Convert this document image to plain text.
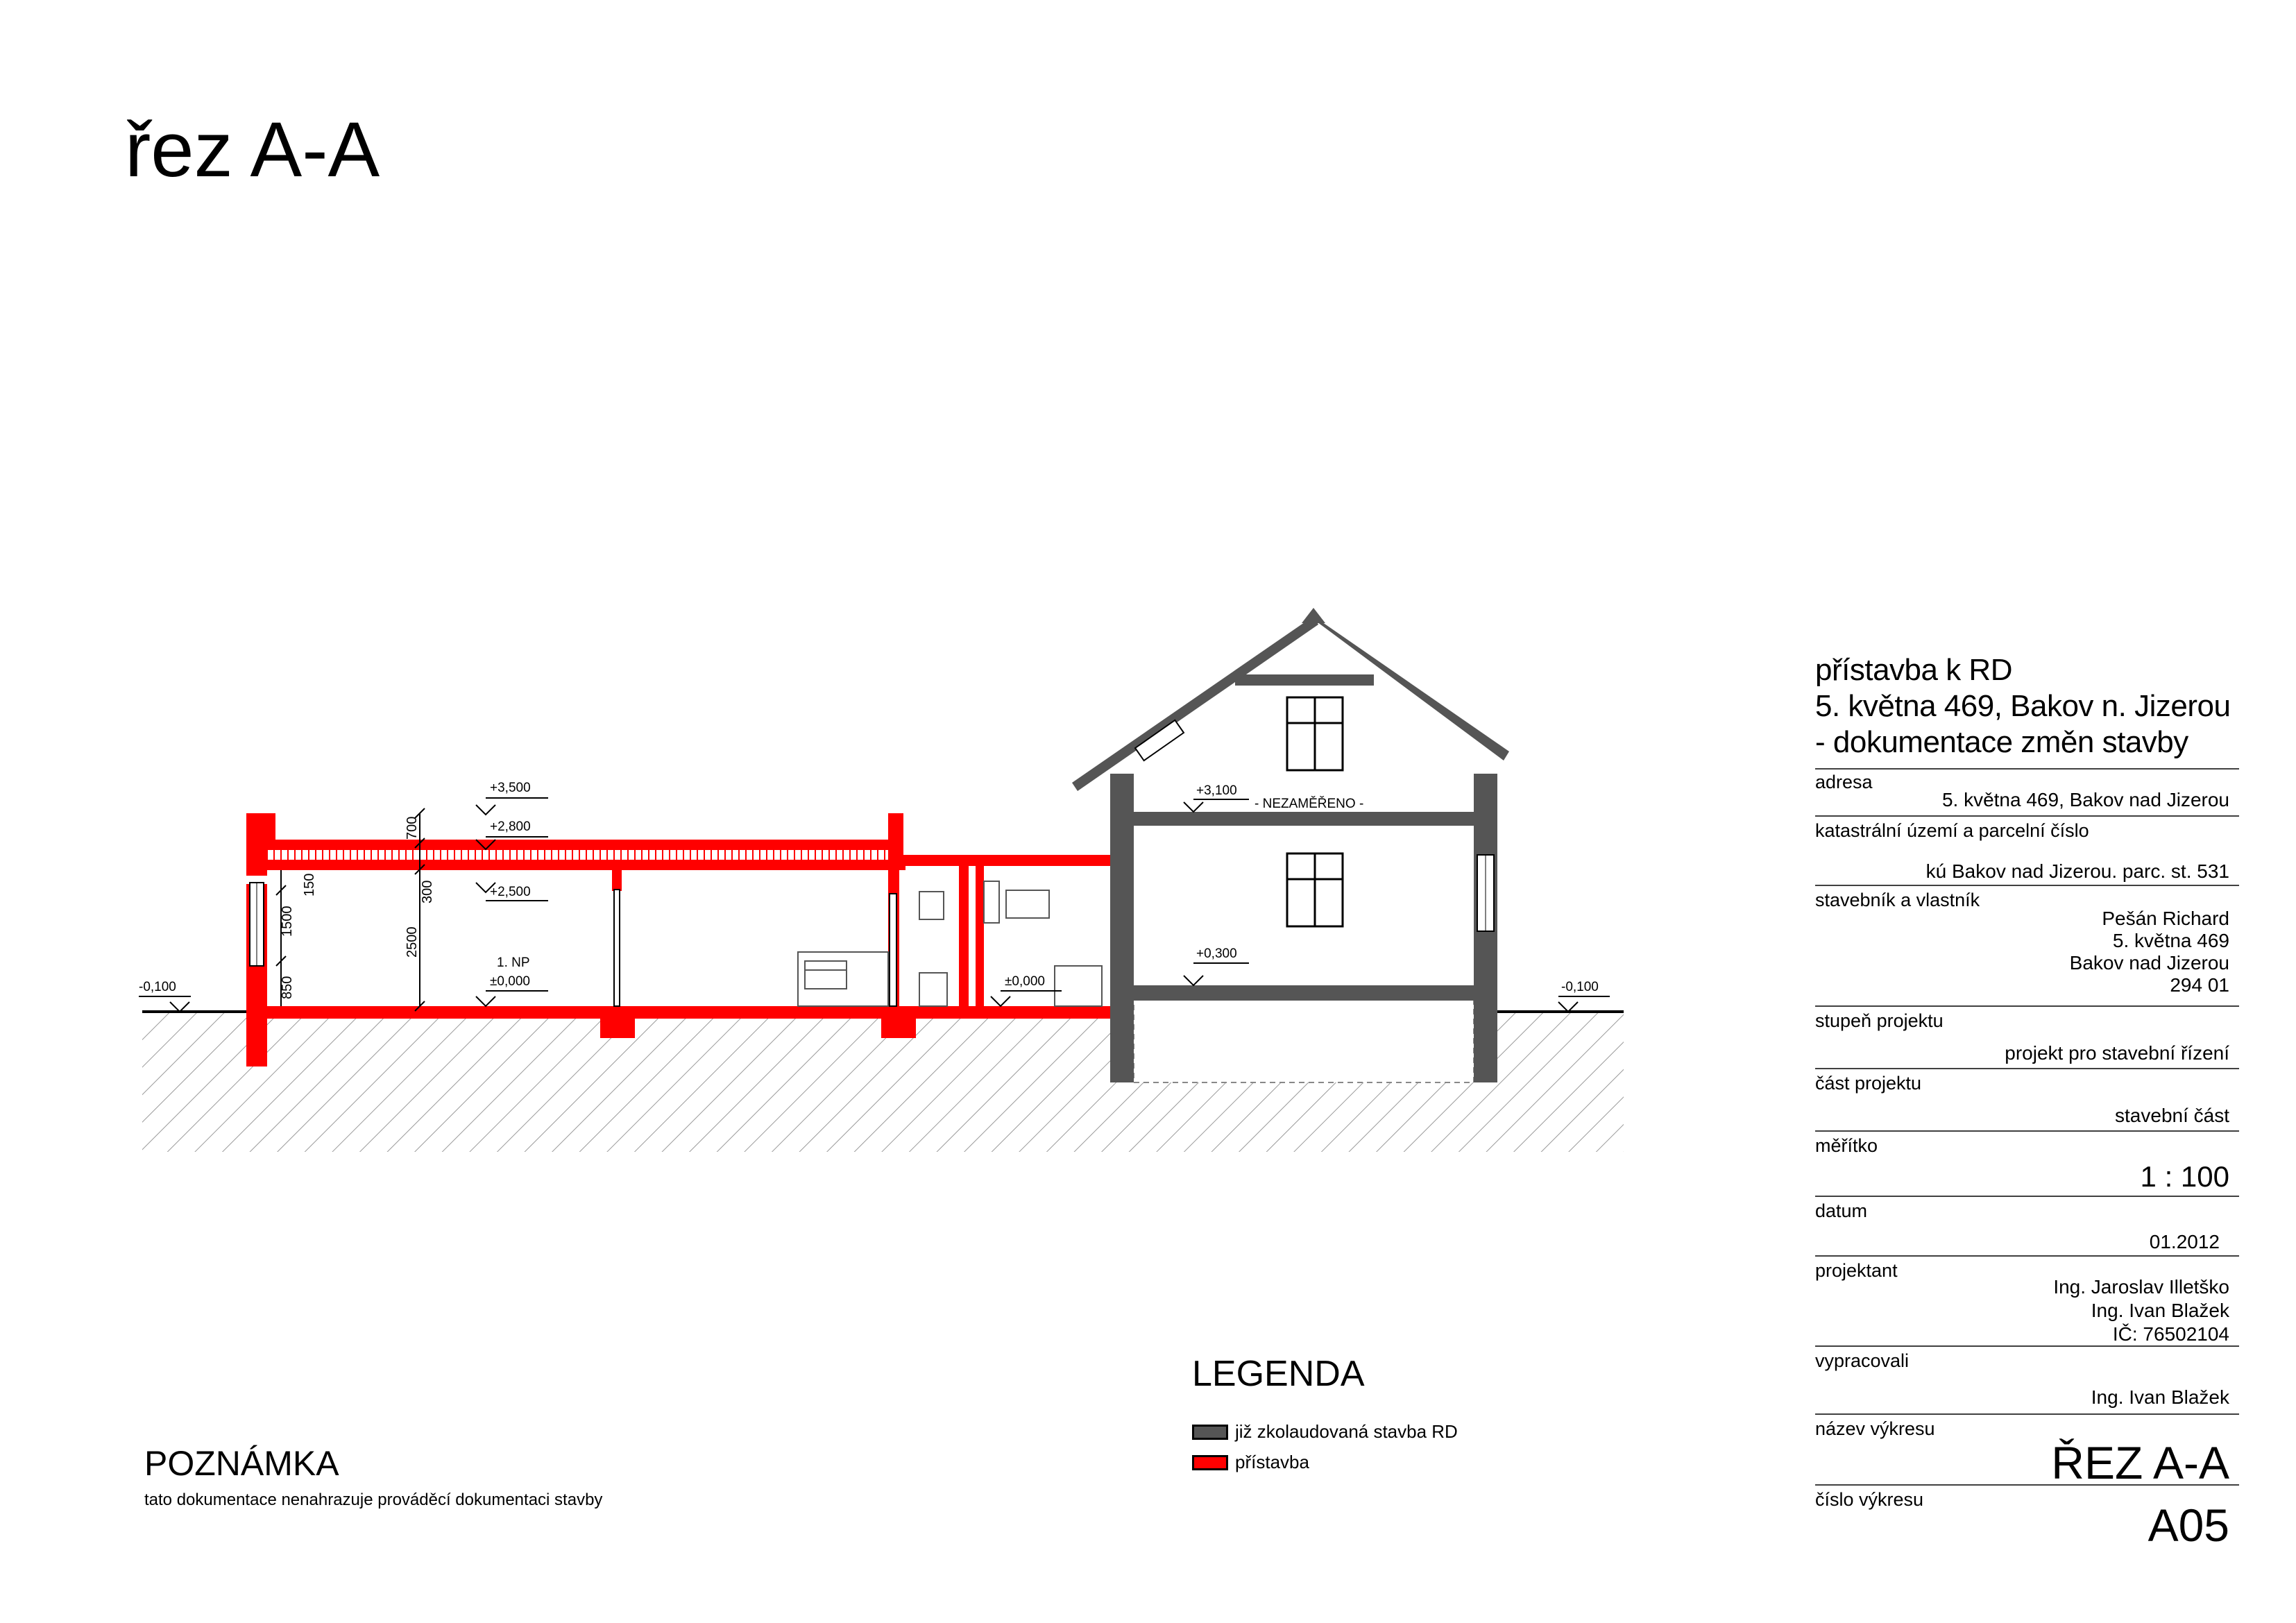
řez A-A
700
150	300
2500
1500
850
+3,500
+2,800
+2,500
1. NP
±0,000	±0,000
-0,100	-0,100
+3,100
+0,300
- NEZAMĚŘENO -
přístavba k RD
5. května 469, Bakov n. Jizerou
- dokumentace změn stavby
adresa
5. května 469, Bakov nad Jizerou
katastrální území a parcelní číslo
kú Bakov nad Jizerou. parc. st. 531
stavebník a vlastník
Pešán Richard
5. května 469
Bakov nad Jizerou
294 01
stupeň projektu
projekt pro stavební řízení
část projektu
stavební část
měřítko
1 : 100
datum
01.2012
projektant
Ing. Jaroslav Illetško
Ing. Ivan Blažek
IČ: 76502104
vypracovali
Ing. Ivan Blažek
název výkresu
ŘEZ A-A
číslo výkresu	A05
LEGENDA
již zkolaudovaná stavba RD
přístavba
POZNÁMKA
tato dokumentace nenahrazuje prováděcí dokumentaci stavby
